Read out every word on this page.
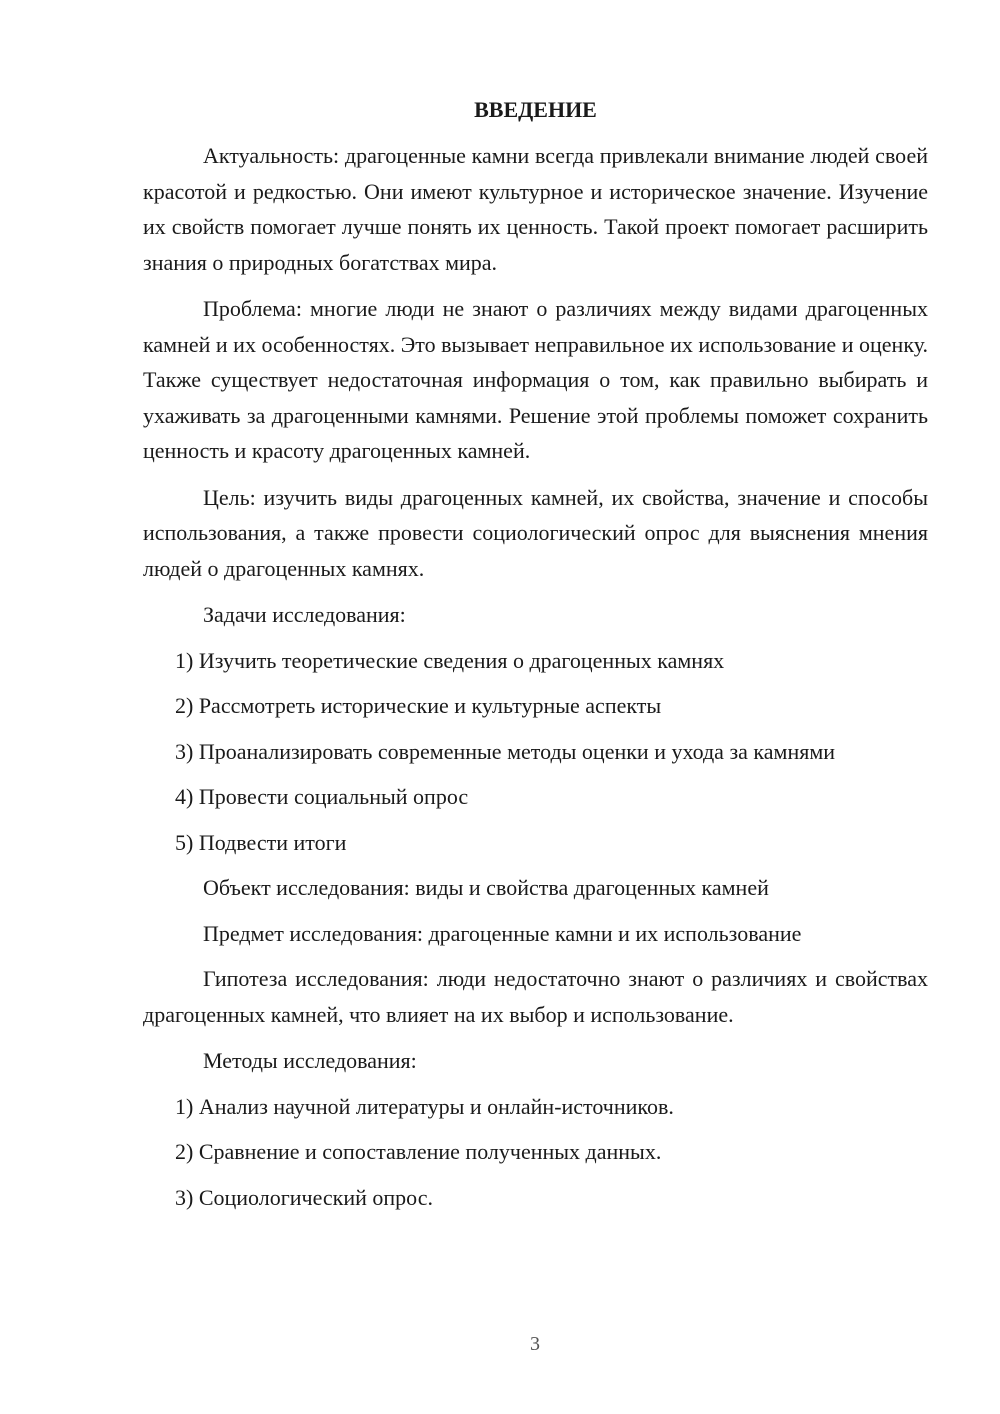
ВВЕДЕНИЕ

Актуальность: драгоценные камни всегда привлекали внимание людей своей красотой и редкостью. Они имеют культурное и историческое значение. Изучение их свойств помогает лучше понять их ценность. Такой проект помогает расширить знания о природных богатствах мира.

Проблема: многие люди не знают о различиях между видами драгоценных камней и их особенностях. Это вызывает неправильное их использование и оценку. Также существует недостаточная информация о том, как правильно выбирать и ухаживать за драгоценными камнями. Решение этой проблемы поможет сохранить ценность и красоту драгоценных камней.

Цель: изучить виды драгоценных камней, их свойства, значение и способы использования, а также провести социологический опрос для выяснения мнения людей о драгоценных камнях.

Задачи исследования:

1) Изучить теоретические сведения о драгоценных камнях
2) Рассмотреть исторические и культурные аспекты
3) Проанализировать современные методы оценки и ухода за камнями
4) Провести социальный опрос
5) Подвести итоги

Объект исследования: виды и свойства драгоценных камней

Предмет исследования: драгоценные камни и их использование

Гипотеза исследования: люди недостаточно знают о различиях и свойствах драгоценных камней, что влияет на их выбор и использование.

Методы исследования:

1) Анализ научной литературы и онлайн-источников.
2) Сравнение и сопоставление полученных данных.
3) Социологический опрос.
3
